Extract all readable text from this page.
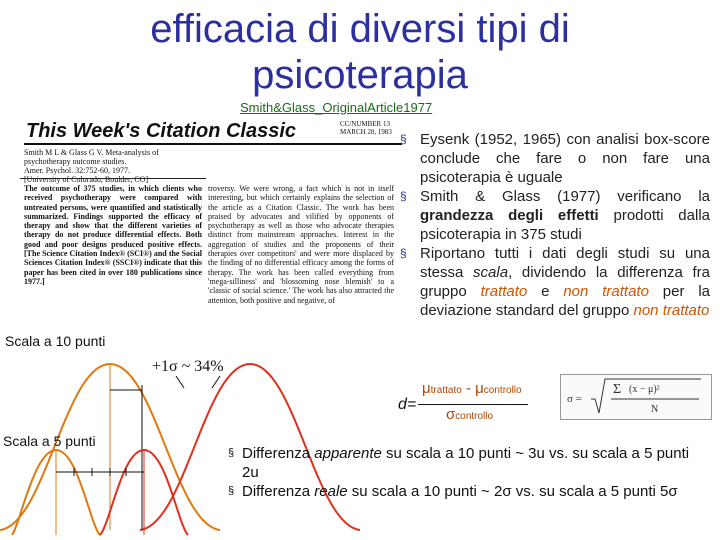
efficacia di diversi tipi di
psicoterapia
Smith&Glass_OriginalArticle1977
This Week's Citation Classic	CC/NUMBER 13
MARCH 28, 1983
Smith M L & Glass G V. Meta-analysis of
psychotherapy outcome studies.
Amer. Psychol. 32:752-60, 1977.
[University of Colorado, Boulder, CO]
The outcome of 375 studies, in which clients who received psychotherapy were compared with untreated persons, were quantified and statistically summarized. Findings supported the efficacy of therapy and show that the different varieties of therapy do not produce differential effects. Both good and poor designs produced positive effects. [The Science Citation Index® (SCI®) and the Social Sciences Citation Index® (SSCI®) indicate that this paper has been cited in over 180 publications since 1977.]
troversy. We were wrong, a fact which is not in itself interesting, but which certainly explains the selection of the article as a Citation Classic. The work has been praised by advocates and vilified by opponents of psychotherapy as well as those who advocate therapies distinct from mainstream approaches. Interest in the aggregation of studies and the proponents of their therapies over competitors' and were more displaced by the finding of no differential efficacy among the forms of therapy. The work has been called everything from 'mega-silliness' and 'blossoming nose blemish' to a 'classic of social science.' The work has also attracted the attention, both positive and negative, of
Scala a 10 punti
Scala a 5 punti
+1σ ~ 34%
§ Eysenk (1952, 1965) con analisi box-score conclude che fare o non fare una psicoterapia è uguale
§ Smith & Glass (1977) verificano la grandezza degli effetti prodotti dalla psicoterapia in 375 studi
§ Riportano tutti i dati degli studi su una stessa scala, dividendo la differenza fra gruppo trattato e non trattato per la deviazione standard del gruppo non trattato
d=
μtrattato - μcontrollo
σcontrollo
σ =
Σ (x − μ)²
N
§ Differenza apparente su scala a 10 punti ~ 3u vs. su scala a 5 punti 2u
§ Differenza reale su scala a 10 punti ~ 2σ vs. su scala a 5 punti 5σ
